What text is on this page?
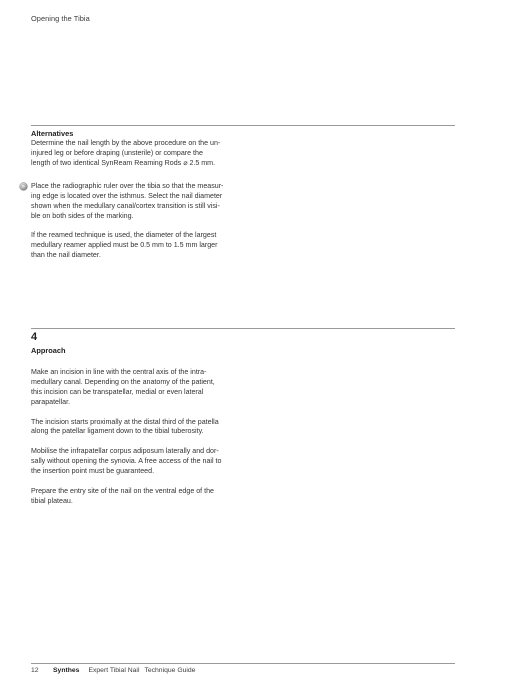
Opening the Tibia
Alternatives
Determine the nail length by the above procedure on the un-
injured leg or before draping (unsterile) or compare the
length of two identical SynReam Reaming Rods ⌀ 2.5 mm.
Place the radiographic ruler over the tibia so that the measur-
ing edge is located over the isthmus. Select the nail diameter
shown when the medullary canal/cortex transition is still visi-
ble on both sides of the marking.
If the reamed technique is used, the diameter of the largest
medullary reamer applied must be 0.5 mm to 1.5 mm larger
than the nail diameter.
4
Approach

Make an incision in line with the central axis of the intra-
medullary canal. Depending on the anatomy of the patient,
this incision can be transpatellar, medial or even lateral
parapatellar.

The incision starts proximally at the distal third of the patella
along the patellar ligament down to the tibial tuberosity.

Mobilise the infrapatellar corpus adiposum laterally and dor-
sally without opening the synovia. A free access of the nail to
the insertion point must be guaranteed.

Prepare the entry site of the nail on the ventral edge of the
tibial plateau.

12 Synthes Expert Tibial Nail Technique Guide
